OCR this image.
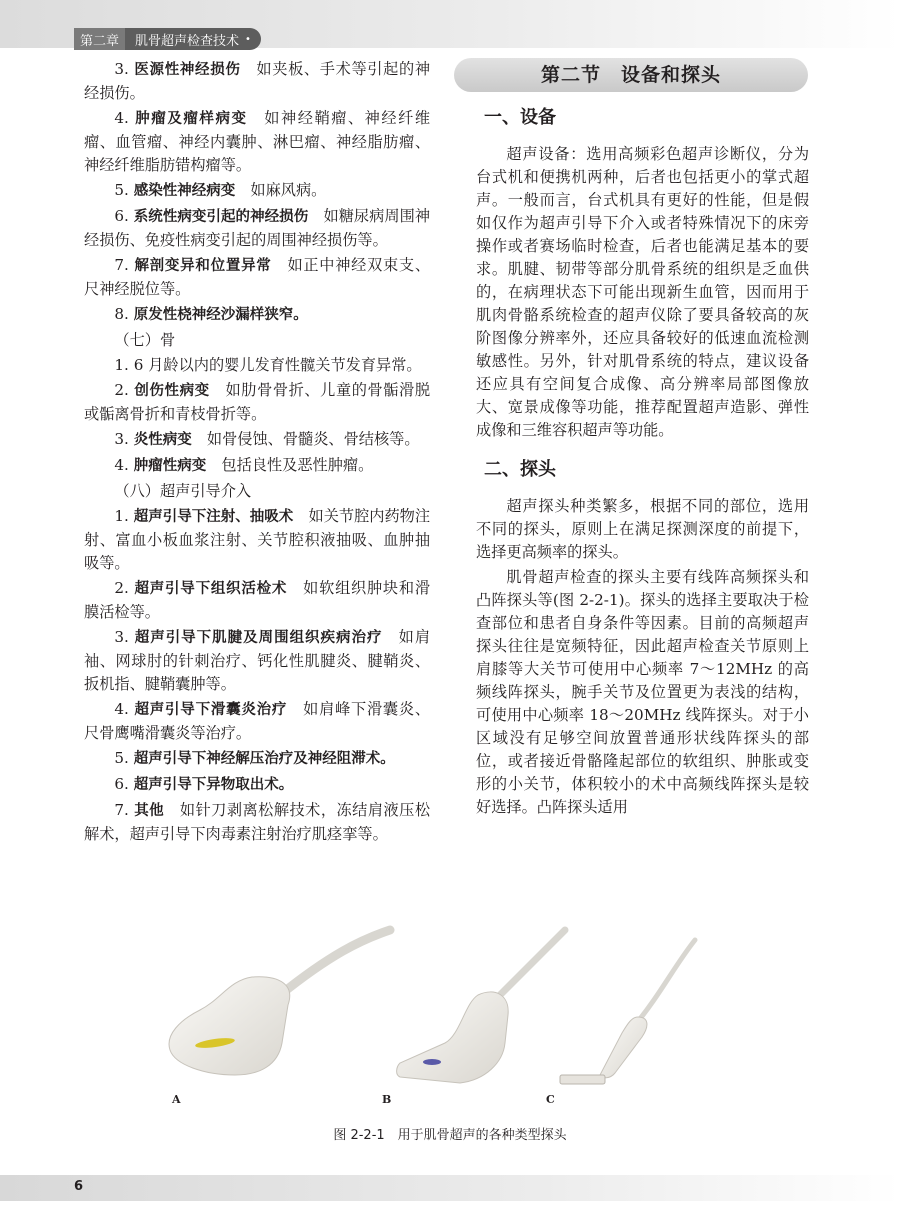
第二章	肌骨超声检查技术 •

3. 医源性神经损伤　 如夹板、手术等引起的神经损伤。

4. 肿瘤及瘤样病变　 如神经鞘瘤、神经纤维瘤、血管瘤、神经内囊肿、淋巴瘤、神经脂肪瘤、神经纤维脂肪错构瘤等。

5. 感染性神经病变　 如麻风病。

6. 系统性病变引起的神经损伤　 如糖尿病周围神经损伤、免疫性病变引起的周围神经损伤等。

7. 解剖变异和位置异常　 如正中神经双束支、尺神经脱位等。

8. 原发性桡神经沙漏样狭窄。

（七）骨

1. 6 月龄以内的婴儿发育性髋关节发育异常。

2. 创伤性病变　 如肋骨骨折、儿童的骨骺滑脱或骺离骨折和青枝骨折等。

3. 炎性病变　 如骨侵蚀、骨髓炎、骨结核等。

4. 肿瘤性病变　 包括良性及恶性肿瘤。

（八）超声引导介入

1. 超声引导下注射、抽吸术　 如关节腔内药物注射、富血小板血浆注射、关节腔积液抽吸、血肿抽吸等。

2. 超声引导下组织活检术　 如软组织肿块和滑膜活检等。

3. 超声引导下肌腱及周围组织疾病治疗　 如肩袖、网球肘的针刺治疗、钙化性肌腱炎、腱鞘炎、扳机指、腱鞘囊肿等。

4. 超声引导下滑囊炎治疗　 如肩峰下滑囊炎、尺骨鹰嘴滑囊炎等治疗。

5. 超声引导下神经解压治疗及神经阻滞术。

6. 超声引导下异物取出术。

7. 其他　 如针刀剥离松解技术，冻结肩液压松解术，超声引导下肉毒素注射治疗肌痉挛等。

第二节　设备和探头
一、设备

超声设备：选用高频彩色超声诊断仪，分为台式机和便携机两种，后者也包括更小的掌式超声。一般而言，台式机具有更好的性能，但是假如仅作为超声引导下介入或者特殊情况下的床旁操作或者赛场临时检查，后者也能满足基本的要求。肌腱、韧带等部分肌骨系统的组织是乏血供的，在病理状态下可能出现新生血管，因而用于肌肉骨骼系统检查的超声仪除了要具备较高的灰阶图像分辨率外，还应具备较好的低速血流检测敏感性。另外，针对肌骨系统的特点，建议设备还应具有空间复合成像、高分辨率局部图像放大、宽景成像等功能，推荐配置超声造影、弹性成像和三维容积超声等功能。

二、探头

超声探头种类繁多，根据不同的部位，选用不同的探头，原则上在满足探测深度的前提下，选择更高频率的探头。

肌骨超声检查的探头主要有线阵高频探头和凸阵探头等(图 2-2-1)。探头的选择主要取决于检查部位和患者自身条件等因素。目前的高频超声探头往往是宽频特征，因此超声检查关节原则上肩膝等大关节可使用中心频率 7～12MHz 的高频线阵探头，腕手关节及位置更为表浅的结构，可使用中心频率 18～20MHz 线阵探头。对于小区域没有足够空间放置普通形状线阵探头的部位，或者接近骨骼隆起部位的软组织、肿胀或变形的小关节，体积较小的术中高频线阵探头是较好选择。凸阵探头适用

A	B	C
图 2-2-1　用于肌骨超声的各种类型探头
6
